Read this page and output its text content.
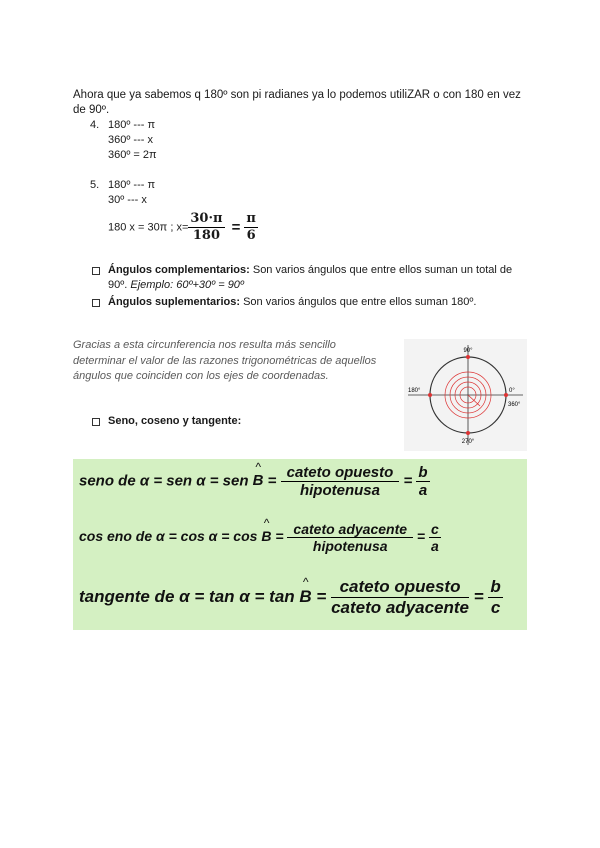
Ahora que ya sabemos q 180º son pi radianes ya lo podemos utiliZAR o con 180 en vez de 90º.
4. 180º --- π
360º --- x
360º = 2π
5. 180º --- π
30º --- x
180 x = 30π ; $x= \frac{30\cdot\pi}{180} = \frac{\pi}{6}$
Ángulos complementarios: Son varios ángulos que entre ellos suman un total de 90º. Ejemplo: 60º+30º = 90º
Ángulos suplementarios: Son varios ángulos que entre ellos suman 180º.
Gracias a esta circunferencia nos resulta más sencillo determinar el valor de las razones trigonométricas de aquellos ángulos que coinciden con los ejes de coordenadas.
Seno, coseno y tangente:
90°
180°	0°
360°
270°
seno de α = sen α = sen ^ B = cateto opuesto
hipotenusa
= $\frac{b}{a}$
cos eno de α = cos α = cos ^ B = cateto adyacente
hipotenusa
= $\frac{c}{a}$
tangente de α = tan α = tan ^ B =
cateto opuesto
cateto adyacente
= $\frac{b}{c}$
